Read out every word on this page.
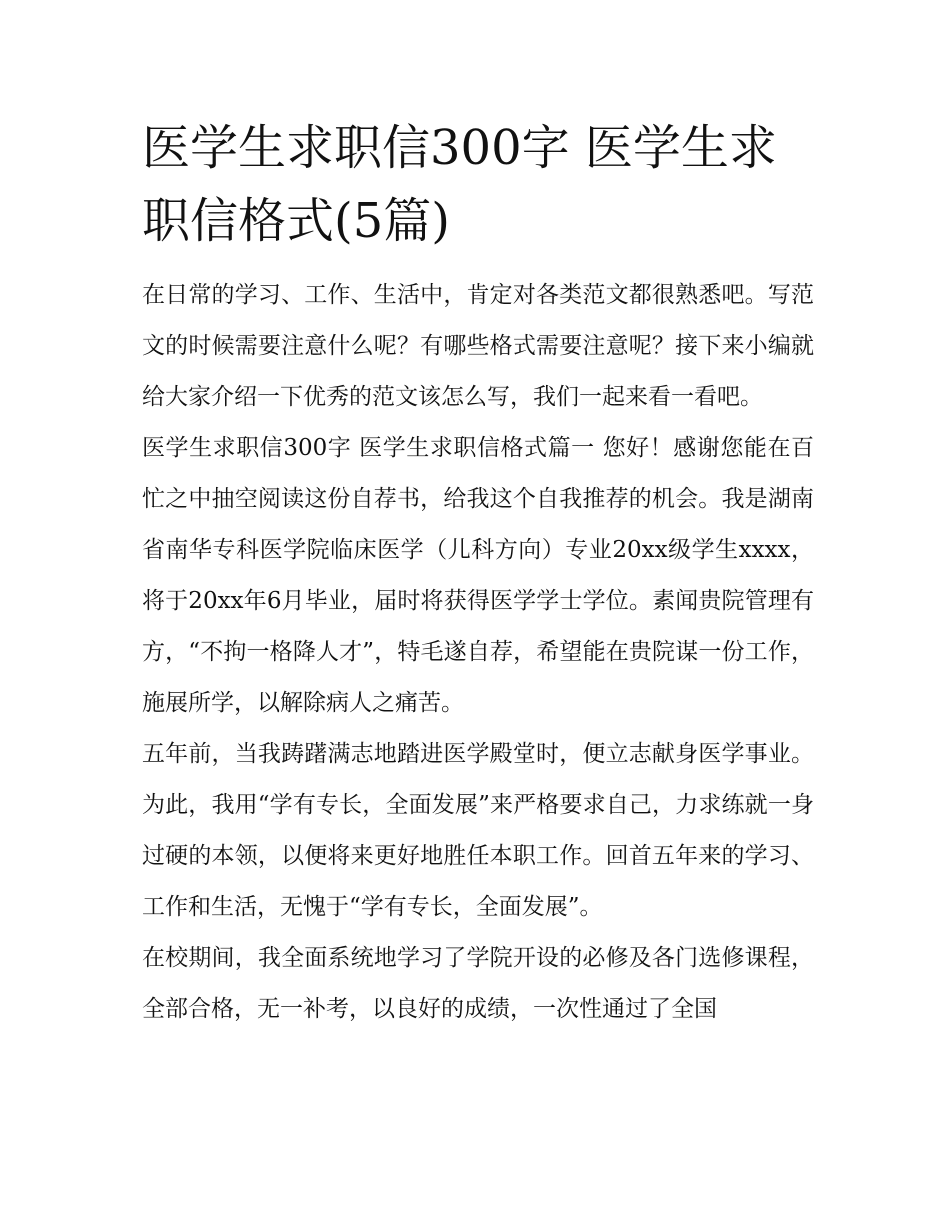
医学生求职信300字 医学生求职信格式(5篇)

在日常的学习、工作、生活中，肯定对各类范文都很熟悉吧。写范文的时候需要注意什么呢？有哪些格式需要注意呢？接下来小编就给大家介绍一下优秀的范文该怎么写，我们一起来看一看吧。

医学生求职信300字 医学生求职信格式篇一 您好！感谢您能在百忙之中抽空阅读这份自荐书，给我这个自我推荐的机会。我是湖南省南华专科医学院临床医学（儿科方向）专业20xx级学生xxxx，将于20xx年6月毕业，届时将获得医学学士学位。素闻贵院管理有方，“不拘一格降人才”，特毛遂自荐，希望能在贵院谋一份工作，施展所学，以解除病人之痛苦。

五年前，当我踌躇满志地踏进医学殿堂时，便立志献身医学事业。为此，我用“学有专长，全面发展”来严格要求自己，力求练就一身过硬的本领，以便将来更好地胜任本职工作。回首五年来的学习、工作和生活，无愧于“学有专长，全面发展”。

在校期间，我全面系统地学习了学院开设的必修及各门选修课程，全部合格，无一补考，以良好的成绩，一次性通过了全国
